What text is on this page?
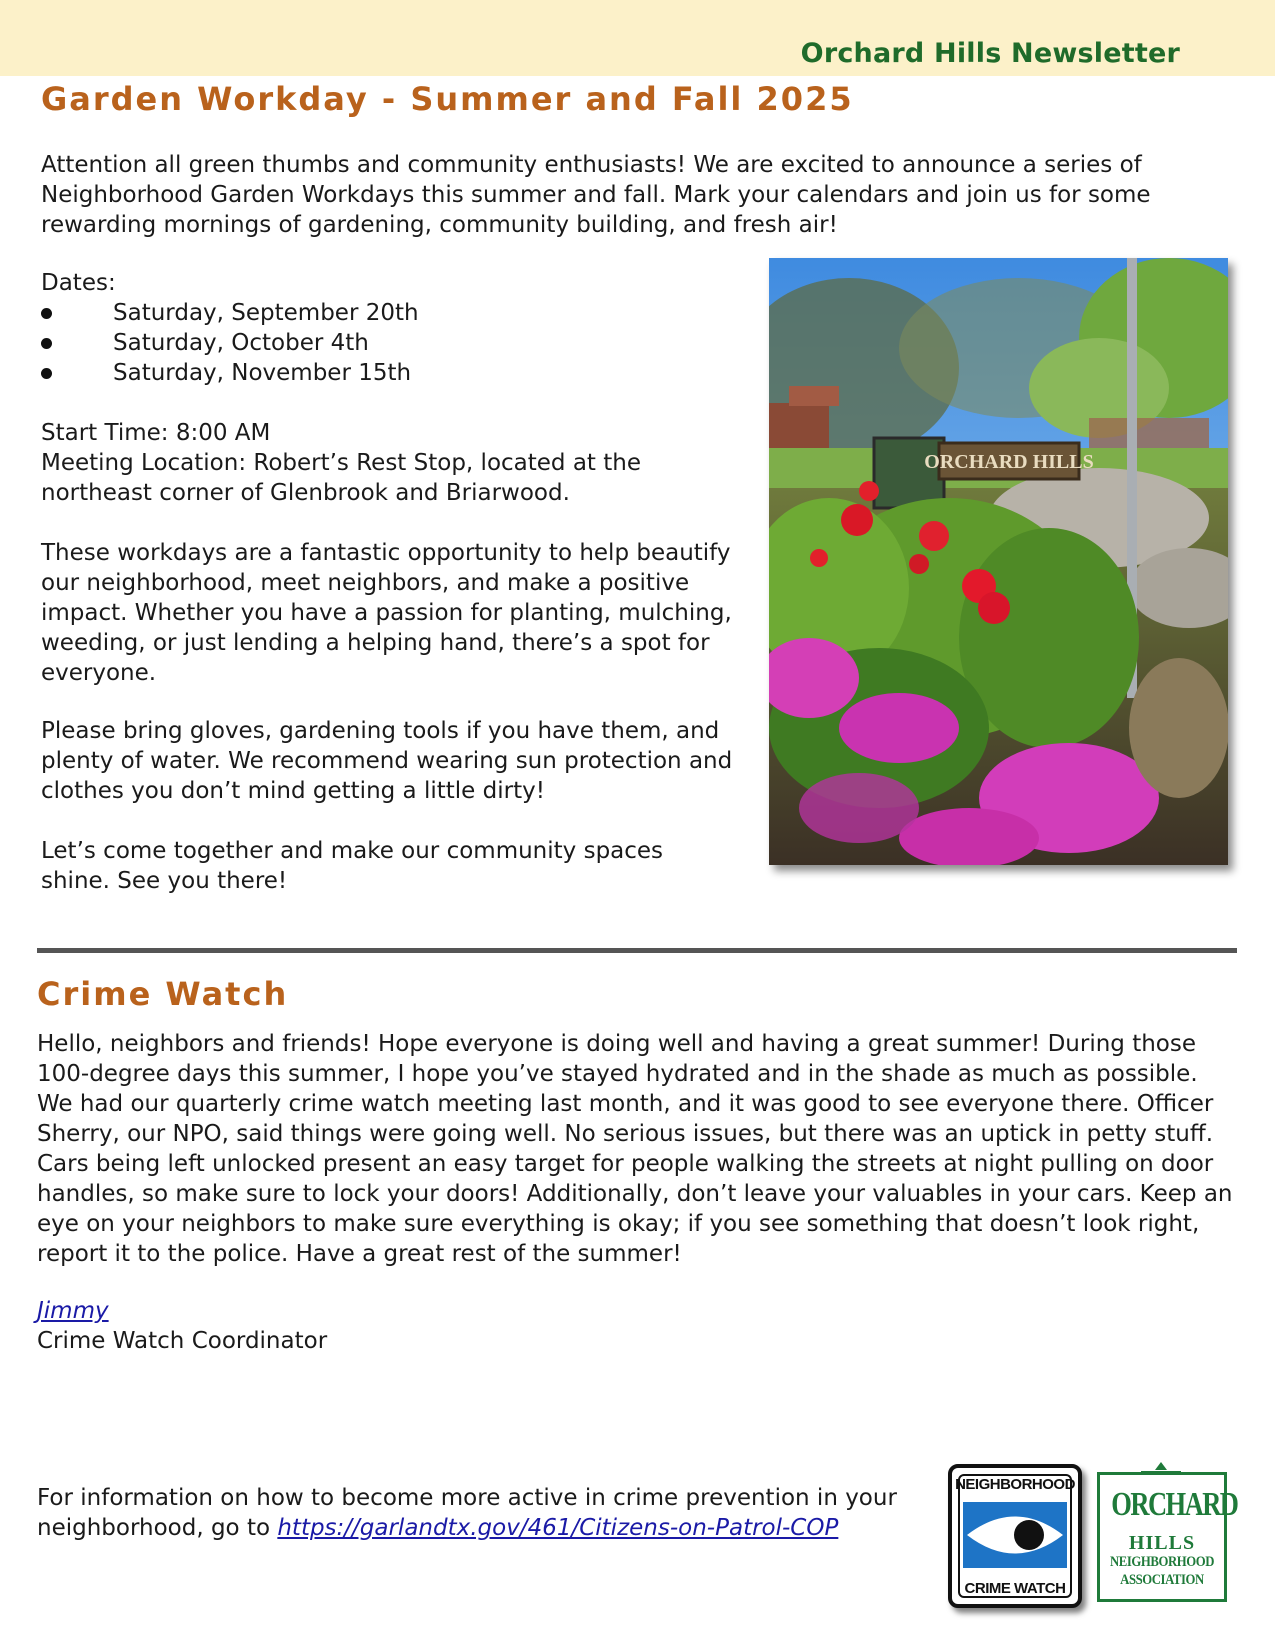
Orchard Hills Newsletter
Garden Workday - Summer and Fall 2025

Attention all green thumbs and community enthusiasts! We are excited to announce a series of Neighborhood Garden Workdays this summer and fall. Mark your calendars and join us for some rewarding mornings of gardening, community building, and fresh air!

Dates:

Saturday, September 20th
Saturday, October 4th
Saturday, November 15th

Start Time: 8:00 AM

Meeting Location: Robert’s Rest Stop, located at the northeast corner of Glenbrook and Briarwood.

These workdays are a fantastic opportunity to help beautify our neighborhood, meet neighbors, and make a positive impact. Whether you have a passion for planting, mulching, weeding, or just lending a helping hand, there’s a spot for everyone.

Please bring gloves, gardening tools if you have them, and plenty of water. We recommend wearing sun protection and clothes you don’t mind getting a little dirty!

Let’s come together and make our community spaces shine. See you there!

ORCHARD HILLS
Crime Watch

Hello, neighbors and friends! Hope everyone is doing well and having a great summer! During those 100-degree days this summer, I hope you’ve stayed hydrated and in the shade as much as possible. We had our quarterly crime watch meeting last month, and it was good to see everyone there. Officer Sherry, our NPO, said things were going well. No serious issues, but there was an uptick in petty stuff. Cars being left unlocked present an easy target for people walking the streets at night pulling on door handles, so make sure to lock your doors! Additionally, don’t leave your valuables in your cars. Keep an eye on your neighbors to make sure everything is okay; if you see something that doesn’t look right, report it to the police. Have a great rest of the summer!

Jimmy

Crime Watch Coordinator

For information on how to become more active in crime prevention in your neighborhood, go to https://garlandtx.gov/461/Citizens-on-Patrol-COP

NEIGHBORHOOD
CRIME WATCH
ORCHARD
HILLS
NEIGHBORHOOD
ASSOCIATION
